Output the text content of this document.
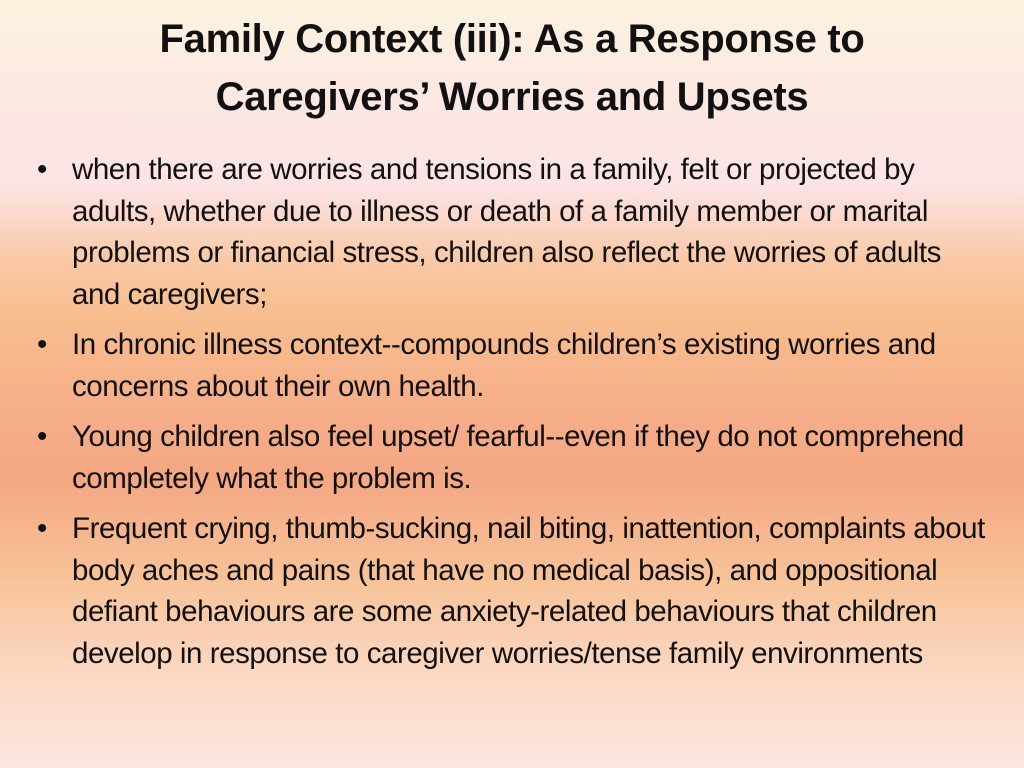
Family Context (iii): As a Response to
Caregivers’ Worries and Upsets
• when there are worries and tensions in a family, felt or projected by adults, whether due to illness or death of a family member or marital problems or financial stress, children also reflect the worries of adults and caregivers;
• In chronic illness context--compounds children’s existing worries and concerns about their own health.
• Young children also feel upset/ fearful--even if they do not comprehend completely what the problem is.
• Frequent crying, thumb-sucking, nail biting, inattention, complaints about body aches and pains (that have no medical basis), and oppositional defiant behaviours are some anxiety-related behaviours that children develop in response to caregiver worries/tense family environments
